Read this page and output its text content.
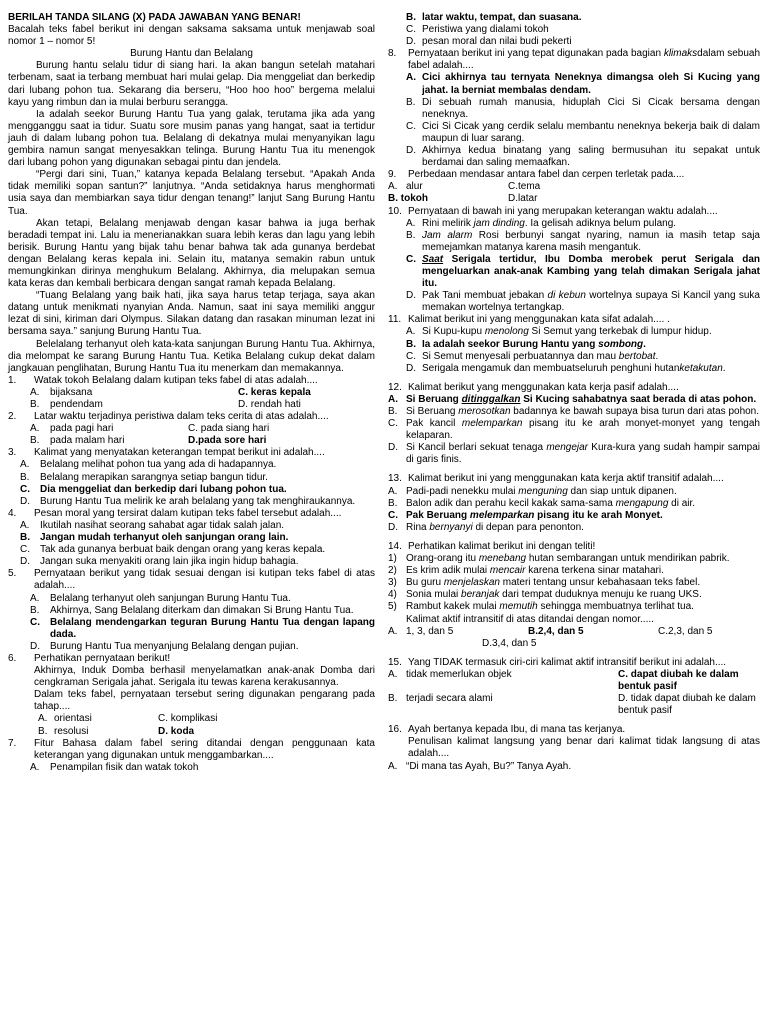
BERILAH TANDA SILANG (X) PADA JAWABAN YANG BENAR!
Bacalah teks fabel berikut ini dengan saksama saksama untuk menjawab soal nomor 1 – nomor 5!
Burung Hantu dan Belalang
Burung hantu selalu tidur di siang hari. Ia akan bangun setelah matahari terbenam, saat ia terbang membuat hari mulai gelap. Dia menggeliat dan berkedip dari lubang pohon tua. Sekarang dia berseru, “Hoo hoo hoo” bergema melalui kayu yang rimbun dan ia mulai berburu serangga.
Ia adalah seekor Burung Hantu Tua yang galak, terutama jika ada yang mengganggu saat ia tidur. Suatu sore musim panas yang hangat, saat ia tertidur jauh di dalam lubang pohon tua. Belalang di dekatnya mulai menyanyikan lagu gembira namun sangat menyesakkan telinga. Burung Hantu Tua itu menengok dari lubang pohon yang digunakan sebagai pintu dan jendela.
“Pergi dari sini, Tuan,” katanya kepada Belalang tersebut. “Apakah Anda tidak memiliki sopan santun?” lanjutnya. “Anda setidaknya harus menghormati usia saya dan membiarkan saya tidur dengan tenang!” lanjut Sang Burung Hantu Tua.
Akan tetapi, Belalang menjawab dengan kasar bahwa ia juga berhak beradadi tempat ini. Lalu ia menerianakkan suara lebih keras dan lagu yang lebih berisik. Burung Hantu yang bijak tahu benar bahwa tak ada gunanya berdebat dengan Belalang keras kepala ini. Selain itu, matanya semakin rabun untuk memungkinkan dirinya menghukum Belalang. Akhirnya, dia melupakan semua kata keras dan kembali berbicara dengan sangat ramah kepada Belalang.
“Tuang Belalang yang baik hati, jika saya harus tetap terjaga, saya akan datang untuk menikmati nyanyian Anda. Namun, saat ini saya memiliki anggur lezat di sini, kiriman dari Olympus. Silakan datang dan rasakan minuman lezat ini bersama saya.” sanjung Burung Hantu Tua.
Belelalang terhanyut oleh kata-kata sanjungan Burung Hantu Tua. Akhirnya, dia melompat ke sarang Burung Hantu Tua. Ketika Belalang cukup dekat dalam jangkauan penglihatan, Burung Hantu Tua itu menerkam dan memakannya.
1. Watak tokoh Belalang dalam kutipan teks fabel di atas adalah....
A. bijaksana	C. keras kepala
B. pendendam	D. rendah hati
2. Latar waktu terjadinya peristiwa dalam teks cerita di atas adalah....
A. pada pagi hari	C. pada siang hari
B. pada malam hari	D.pada sore hari
3. Kalimat yang menyatakan keterangan tempat berikut ini adalah....
A. Belalang melihat pohon tua yang ada di hadapannya.
B. Belalang merapikan sarangnya setiap bangun tidur.
C. Dia menggeliat dan berkedip dari lubang pohon tua.
D. Burung Hantu Tua melirik ke arah belalang yang tak menghiraukannya.
4. Pesan moral yang tersirat dalam kutipan teks fabel tersebut adalah....
A. Ikutilah nasihat seorang sahabat agar tidak salah jalan.
B. Jangan mudah terhanyut oleh sanjungan orang lain.
C. Tak ada gunanya berbuat baik dengan orang yang keras kepala.
D. Jangan suka menyakiti orang lain jika ingin hidup bahagia.
5. Pernyataan berikut yang tidak sesuai dengan isi kutipan teks fabel di atas adalah....
A. Belalang terhanyut oleh sanjungan Burung Hantu Tua.
B. Akhirnya, Sang Belalang diterkam dan dimakan Si Brung Hantu Tua.
C. Belalang mendengarkan teguran Burung Hantu Tua dengan lapang dada.
D. Burung Hantu Tua menyanjung Belalang dengan pujian.
6. Perhatikan pernyataan berikut!
Akhirnya, Induk Domba berhasil menyelamatkan anak-anak Domba dari cengkraman Serigala jahat. Serigala itu tewas karena kerakusannya.
Dalam teks fabel, pernyataan tersebut sering digunakan pengarang pada tahap....
A. orientasi	C. komplikasi
B. resolusi	D. koda
7. Fitur Bahasa dalam fabel sering ditandai dengan penggunaan kata keterangan yang digunakan untuk menggambarkan....
A. Penampilan fisik dan watak tokoh
B. latar waktu, tempat, dan suasana.
C. Peristiwa yang dialami tokoh
D. pesan moral dan nilai budi pekerti
8. Pernyataan berikut ini yang tepat digunakan pada bagian klimaksdalam sebuah fabel adalah....
A. Cici akhirnya tau ternyata Neneknya dimangsa oleh Si Kucing yang jahat. Ia berniat membalas dendam.
B. Di sebuah rumah manusia, hiduplah Cici Si Cicak bersama dengan neneknya.
C. Cici Si Cicak yang cerdik selalu membantu neneknya bekerja baik di dalam maupun di luar sarang.
D. Akhirnya kedua binatang yang saling bermusuhan itu sepakat untuk berdamai dan saling memaafkan.
9. Perbedaan mendasar antara fabel dan cerpen terletak pada....
A. alur	C.tema
B. tokoh	D.latar
10. Pernyataan di bawah ini yang merupakan keterangan waktu adalah....
A. Rini melirik jam dinding. Ia gelisah adiknya belum pulang.
B. Jam alarm Rosi berbunyi sangat nyaring, namun ia masih tetap saja memejamkan matanya karena masih mengantuk.
C. Saat Serigala tertidur, Ibu Domba merobek perut Serigala dan mengeluarkan anak-anak Kambing yang telah dimakan Serigala jahat itu.
D. Pak Tani membuat jebakan di kebun wortelnya supaya Si Kancil yang suka memakan wortelnya tertangkap.
11. Kalimat berikut ini yang menggunakan kata sifat adalah.... .
A. Si Kupu-kupu menolong Si Semut yang terkebak di lumpur hidup.
B. Ia adalah seekor Burung Hantu yang sombong.
C. Si Semut menyesali perbuatannya dan mau bertobat.
D. Serigala mengamuk dan membuatseluruh penghuni hutanketakutan.
12. Kalimat berikut yang menggunakan kata kerja pasif adalah....
A. Si Beruang ditinggalkan Si Kucing sahabatnya saat berada di atas pohon.
B. Si Beruang merosotkan badannya ke bawah supaya bisa turun dari atas pohon.
C. Pak kancil melemparkan pisang itu ke arah monyet-monyet yang tengah kelaparan.
D. Si Kancil berlari sekuat tenaga mengejar Kura-kura yang sudah hampir sampai di garis finis.
13. Kalimat berikut ini yang menggunakan kata kerja aktif transitif adalah....
A. Padi-padi nenekku mulai menguning dan siap untuk dipanen.
B. Balon adik dan perahu kecil kakak sama-sama mengapung di air.
C. Pak Beruang melemparkan pisang itu ke arah Monyet.
D. Rina bernyanyi di depan para penonton.
14. Perhatikan kalimat berikut ini dengan teliti!
1) Orang-orang itu menebang hutan sembarangan untuk mendirikan pabrik.
2) Es krim adik mulai mencair karena terkena sinar matahari.
3) Bu guru menjelaskan materi tentang unsur kebahasaan teks fabel.
4) Sonia mulai beranjak dari tempat duduknya menuju ke ruang UKS.
5) Rambut kakek mulai memutih sehingga membuatnya terlihat tua.
Kalimat aktif intransitif di atas ditandai dengan nomor.....
A. 1, 3, dan 5	B.2,4, dan 5	C.2,3, dan 5
D.3,4, dan 5
15. Yang TIDAK termasuk ciri-ciri kalimat aktif intransitif berikut ini adalah....
A. tidak memerlukan objek	C. dapat diubah ke dalam bentuk pasif
B. terjadi secara alami	D. tidak dapat diubah ke dalam bentuk pasif
16. Ayah bertanya kepada Ibu, di mana tas kerjanya.
Penulisan kalimat langsung yang benar dari kalimat tidak langsung di atas adalah....
A. “Di mana tas Ayah, Bu?” Tanya Ayah.
